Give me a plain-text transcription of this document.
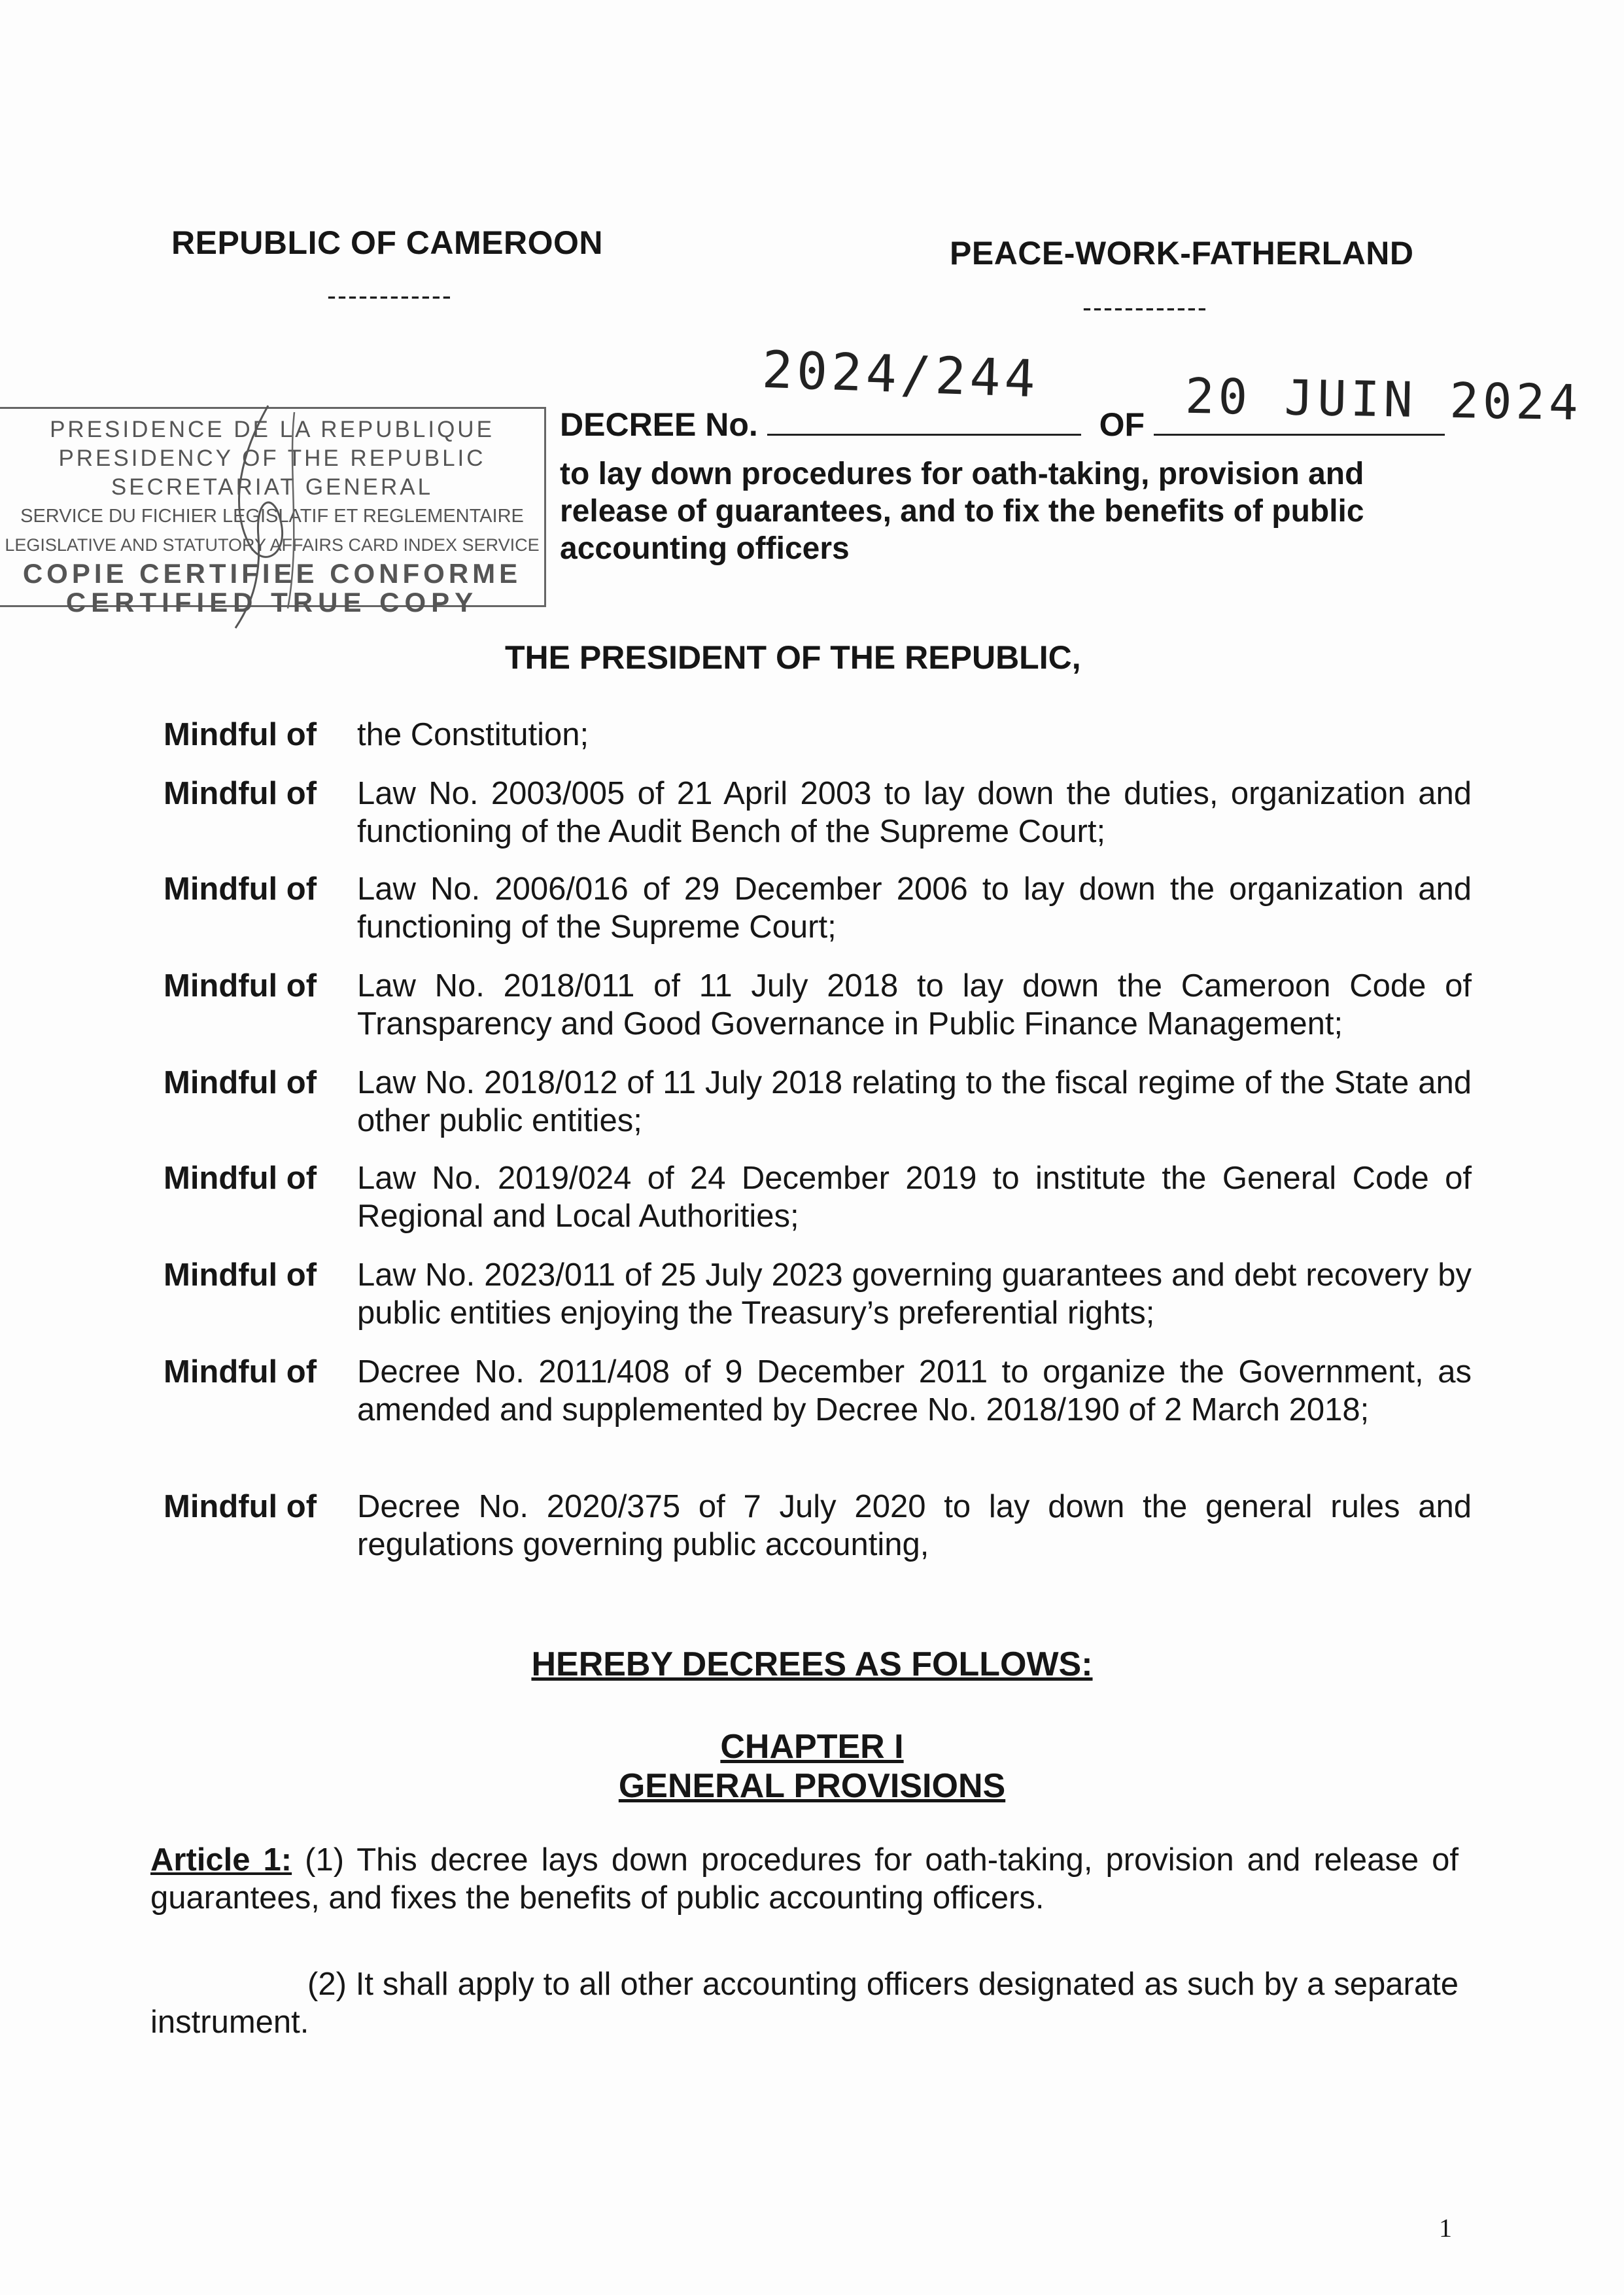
REPUBLIC OF CAMEROON
------------
PEACE-WORK-FATHERLAND
------------
PRESIDENCE DE LA REPUBLIQUE
PRESIDENCY OF THE REPUBLIC
SECRETARIAT GENERAL
SERVICE DU FICHIER LEGISLATIF ET REGLEMENTAIRE
LEGISLATIVE AND STATUTORY AFFAIRS CARD INDEX SERVICE
COPIE CERTIFIEE CONFORME
CERTIFIED TRUE COPY
2024/244	20 JUIN 2024
DECREE No.	OF
to lay down procedures for oath-taking, provision and release of guarantees, and to fix the benefits of public accounting officers
THE PRESIDENT OF THE REPUBLIC,
Mindful of the Constitution;
Mindful of Law No. 2003/005 of 21 April 2003 to lay down the duties, organization and functioning of the Audit Bench of the Supreme Court;
Mindful of Law No. 2006/016 of 29 December 2006 to lay down the organization and functioning of the Supreme Court;
Mindful of Law No. 2018/011 of 11 July 2018 to lay down the Cameroon Code of Transparency and Good Governance in Public Finance Management;
Mindful of Law No. 2018/012 of 11 July 2018 relating to the fiscal regime of the State and other public entities;
Mindful of Law No. 2019/024 of 24 December 2019 to institute the General Code of Regional and Local Authorities;
Mindful of Law No. 2023/011 of 25 July 2023 governing guarantees and debt recovery by public entities enjoying the Treasury’s preferential rights;
Mindful of Decree No. 2011/408 of 9 December 2011 to organize the Government, as amended and supplemented by Decree No. 2018/190 of 2 March 2018;
Mindful of Decree No. 2020/375 of 7 July 2020 to lay down the general rules and regulations governing public accounting,
HEREBY DECREES AS FOLLOWS:
CHAPTER I
GENERAL PROVISIONS
Article 1: (1) This decree lays down procedures for oath-taking, provision and release of guarantees, and fixes the benefits of public accounting officers.
(2) It shall apply to all other accounting officers designated as such by a separate instrument.
1
